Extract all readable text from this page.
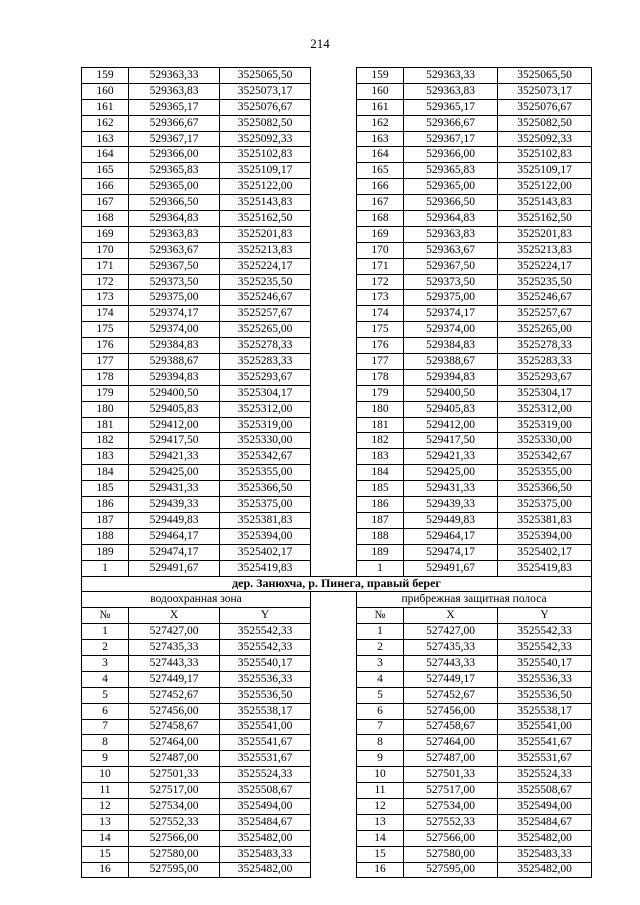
214
159	529363,33	3525065,50		159	529363,33	3525065,50
160	529363,83	3525073,17		160	529363,83	3525073,17
161	529365,17	3525076,67		161	529365,17	3525076,67
162	529366,67	3525082,50		162	529366,67	3525082,50
163	529367,17	3525092,33		163	529367,17	3525092,33
164	529366,00	3525102,83		164	529366,00	3525102,83
165	529365,83	3525109,17		165	529365,83	3525109,17
166	529365,00	3525122,00		166	529365,00	3525122,00
167	529366,50	3525143,83		167	529366,50	3525143,83
168	529364,83	3525162,50		168	529364,83	3525162,50
169	529363,83	3525201,83		169	529363,83	3525201,83
170	529363,67	3525213,83		170	529363,67	3525213,83
171	529367,50	3525224,17		171	529367,50	3525224,17
172	529373,50	3525235,50		172	529373,50	3525235,50
173	529375,00	3525246,67		173	529375,00	3525246,67
174	529374,17	3525257,67		174	529374,17	3525257,67
175	529374,00	3525265,00		175	529374,00	3525265,00
176	529384,83	3525278,33		176	529384,83	3525278,33
177	529388,67	3525283,33		177	529388,67	3525283,33
178	529394,83	3525293,67		178	529394,83	3525293,67
179	529400,50	3525304,17		179	529400,50	3525304,17
180	529405,83	3525312,00		180	529405,83	3525312,00
181	529412,00	3525319,00		181	529412,00	3525319,00
182	529417,50	3525330,00		182	529417,50	3525330,00
183	529421,33	3525342,67		183	529421,33	3525342,67
184	529425,00	3525355,00		184	529425,00	3525355,00
185	529431,33	3525366,50		185	529431,33	3525366,50
186	529439,33	3525375,00		186	529439,33	3525375,00
187	529449,83	3525381,83		187	529449,83	3525381,83
188	529464,17	3525394,00		188	529464,17	3525394,00
189	529474,17	3525402,17		189	529474,17	3525402,17
1	529491,67	3525419,83		1	529491,67	3525419,83
дер. Занюхча, р. Пинега, правый берег						
водоохранная зона				прибрежная защитная полоса		
№	X	Y		№	X	Y
1	527427,00	3525542,33		1	527427,00	3525542,33
2	527435,33	3525542,33		2	527435,33	3525542,33
3	527443,33	3525540,17		3	527443,33	3525540,17
4	527449,17	3525536,33		4	527449,17	3525536,33
5	527452,67	3525536,50		5	527452,67	3525536,50
6	527456,00	3525538,17		6	527456,00	3525538,17
7	527458,67	3525541,00		7	527458,67	3525541,00
8	527464,00	3525541,67		8	527464,00	3525541,67
9	527487,00	3525531,67		9	527487,00	3525531,67
10	527501,33	3525524,33		10	527501,33	3525524,33
11	527517,00	3525508,67		11	527517,00	3525508,67
12	527534,00	3525494,00		12	527534,00	3525494,00
13	527552,33	3525484,67		13	527552,33	3525484,67
14	527566,00	3525482,00		14	527566,00	3525482,00
15	527580,00	3525483,33		15	527580,00	3525483,33
16	527595,00	3525482,00		16	527595,00	3525482,00
